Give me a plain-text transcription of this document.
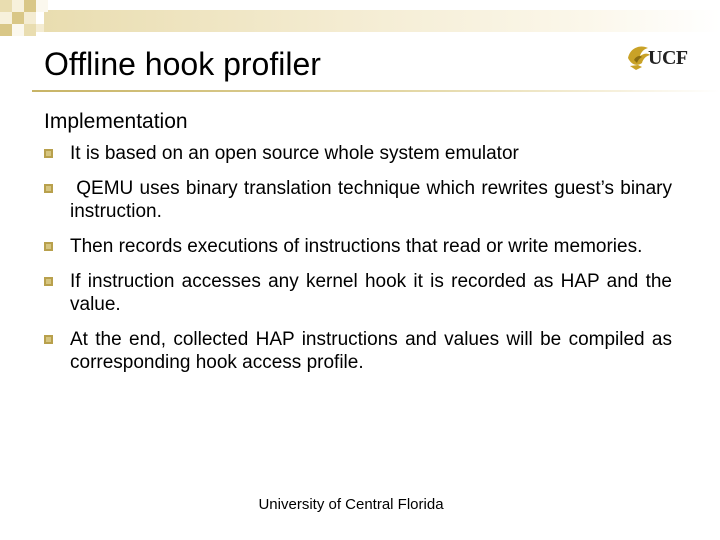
Offline hook profiler	UCF
Implementation
It is based on an open source whole system emulator
QEMU uses binary translation technique which rewrites guest’s binary instruction.
Then records executions of instructions that read or write memories.
If instruction accesses any kernel hook it is recorded as HAP and the value.
At the end, collected HAP instructions and values will be compiled as corresponding hook access profile.
University of Central Florida
